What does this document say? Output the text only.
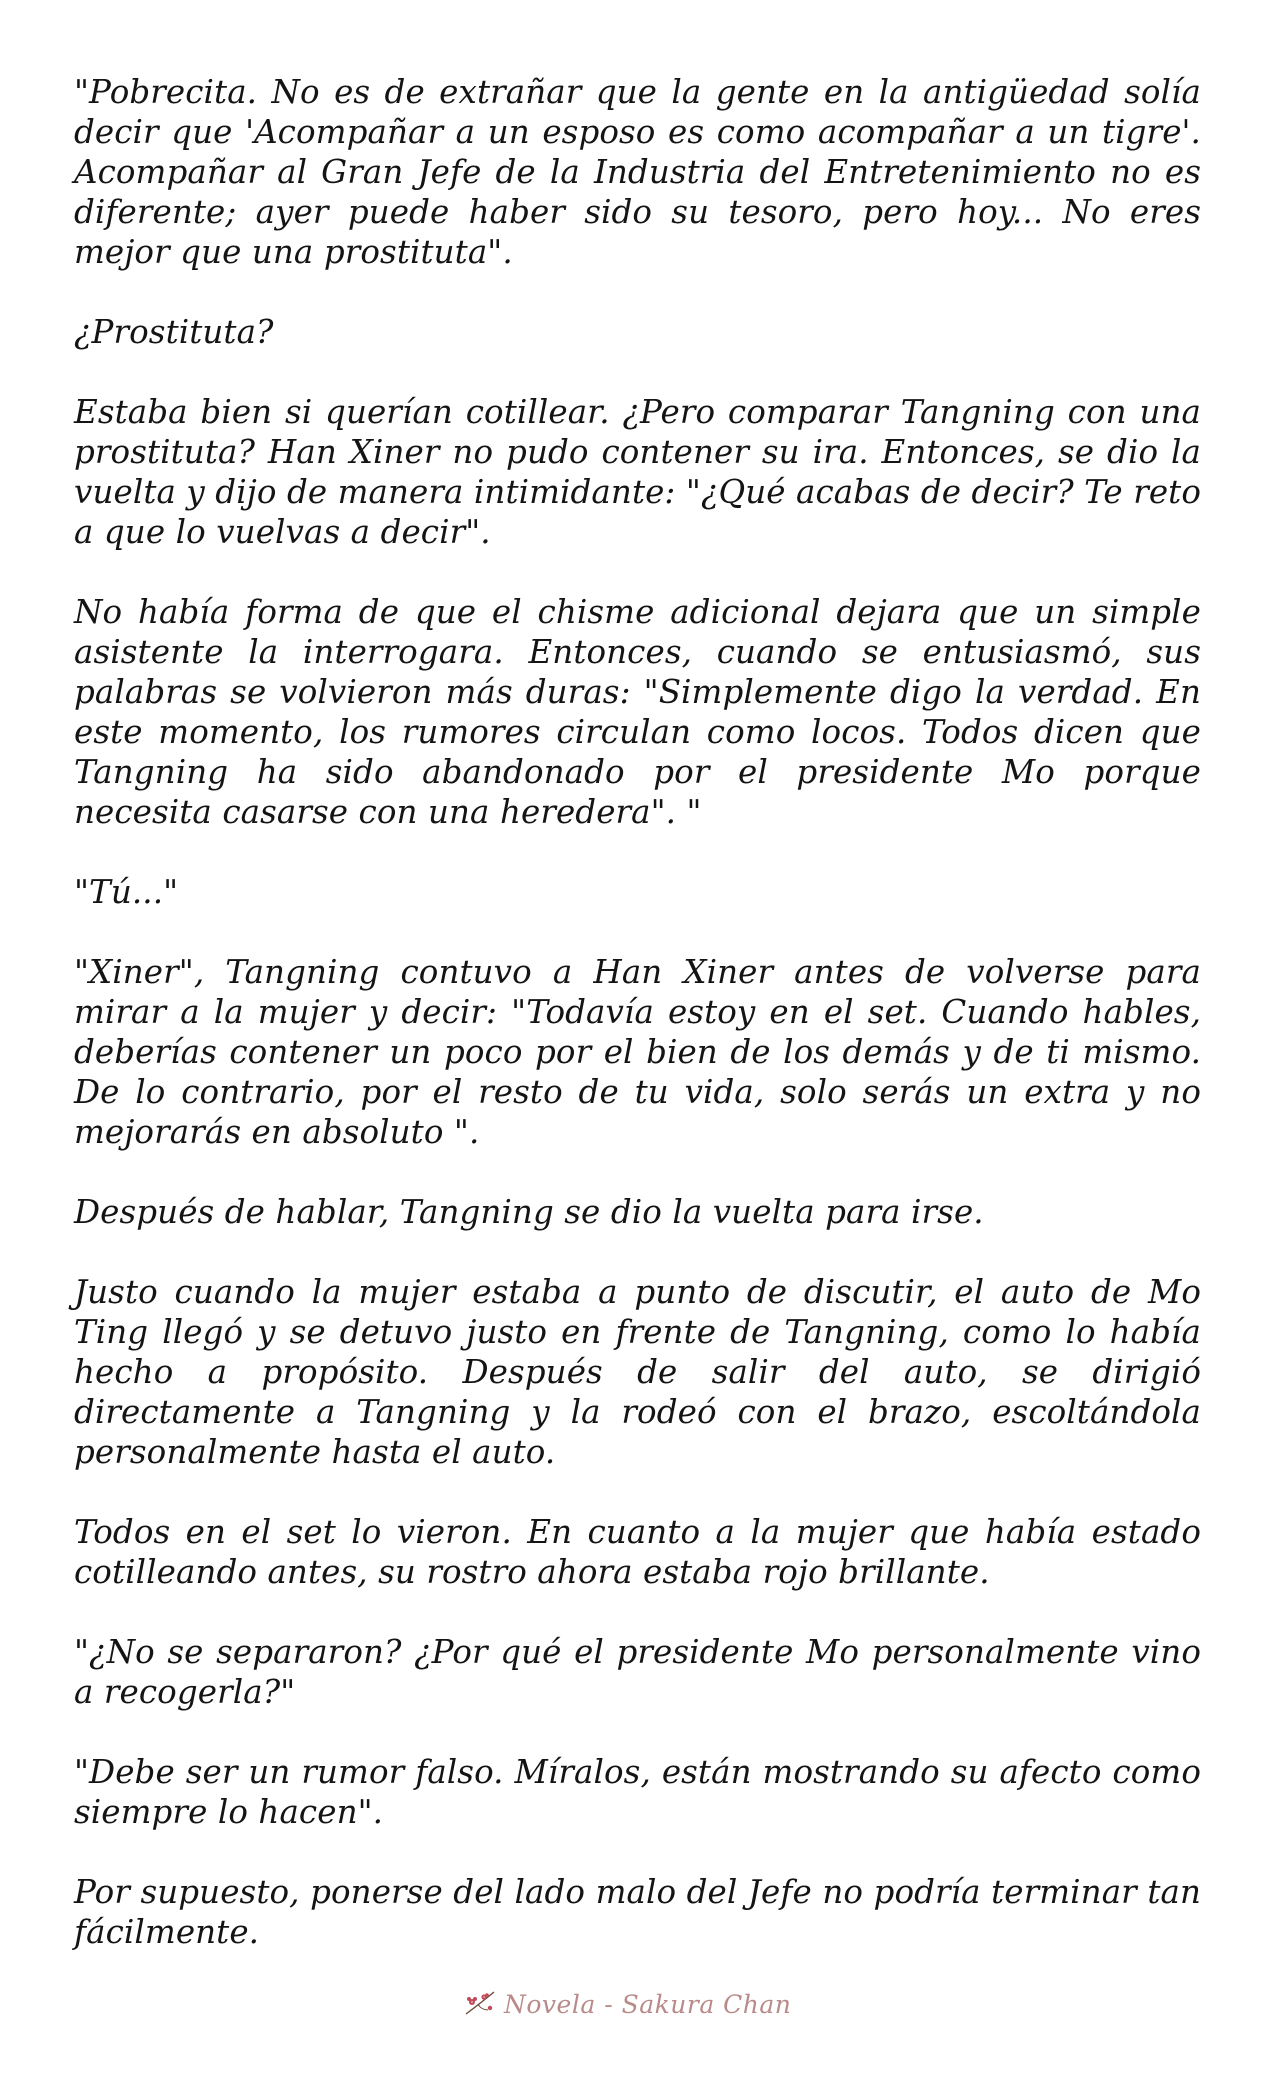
"Pobrecita. No es de extrañar que la gente en la antigüedad solía decir que 'Acompañar a un esposo es como acompañar a un tigre'. Acompañar al Gran Jefe de la Industria del Entretenimiento no es diferente; ayer puede haber sido su tesoro, pero hoy... No eres mejor que una prostituta".

¿Prostituta?

Estaba bien si querían cotillear. ¿Pero comparar Tangning con una prostituta? Han Xiner no pudo contener su ira. Entonces, se dio la vuelta y dijo de manera intimidante: "¿Qué acabas de decir? Te reto a que lo vuelvas a decir".

No había forma de que el chisme adicional dejara que un simple asistente la interrogara. Entonces, cuando se entusiasmó, sus palabras se volvieron más duras: "Simplemente digo la verdad. En este momento, los rumores circulan como locos. Todos dicen que Tangning ha sido abandonado por el presidente Mo porque necesita casarse con una heredera". "

"Tú..."

"Xiner", Tangning contuvo a Han Xiner antes de volverse para mirar a la mujer y decir: "Todavía estoy en el set. Cuando hables, deberías contener un poco por el bien de los demás y de ti mismo. De lo contrario, por el resto de tu vida, solo serás un extra y no mejorarás en absoluto ".

Después de hablar, Tangning se dio la vuelta para irse.

Justo cuando la mujer estaba a punto de discutir, el auto de Mo Ting llegó y se detuvo justo en frente de Tangning, como lo había hecho a propósito. Después de salir del auto, se dirigió directamente a Tangning y la rodeó con el brazo, escoltándola personalmente hasta el auto.

Todos en el set lo vieron. En cuanto a la mujer que había estado cotilleando antes, su rostro ahora estaba rojo brillante.

"¿No se separaron? ¿Por qué el presidente Mo personalmente vino a recogerla?"

"Debe ser un rumor falso. Míralos, están mostrando su afecto como siempre lo hacen".

Por supuesto, ponerse del lado malo del Jefe no podría terminar tan fácilmente.

Novela - Sakura Chan
